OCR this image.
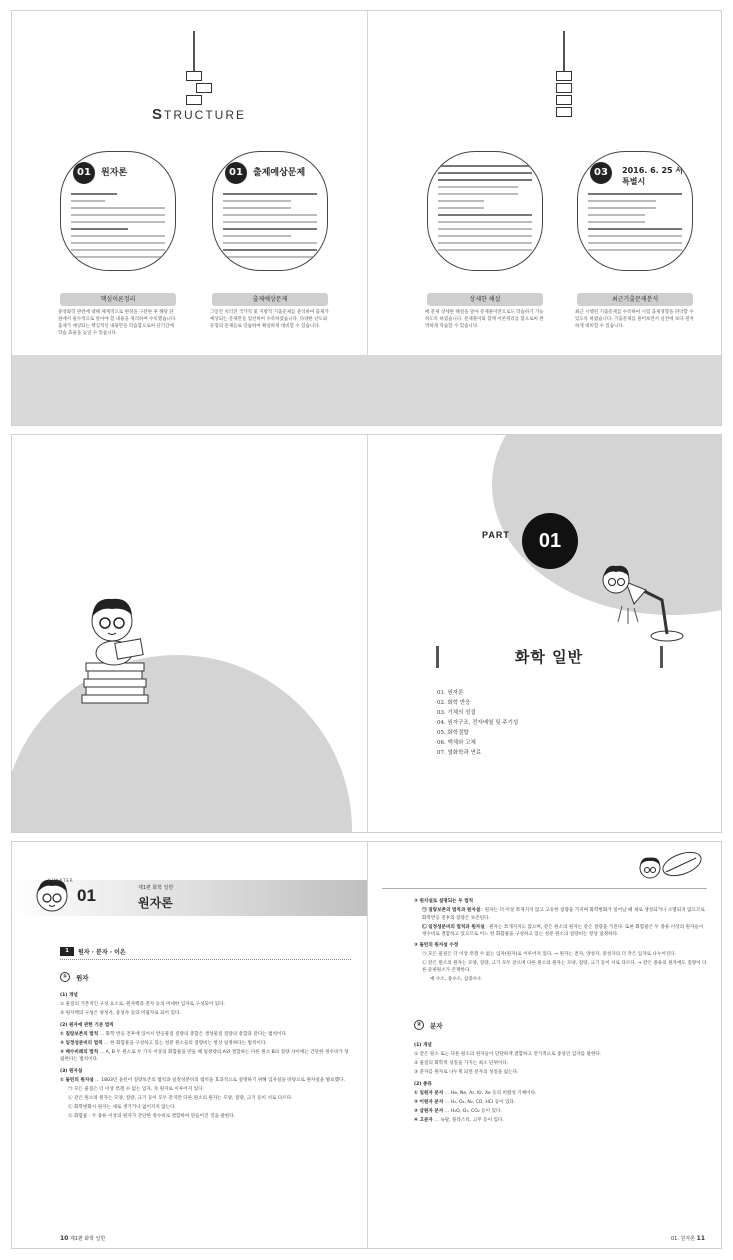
STRUCTURE
01	원자론	01	출제예상문제	03	2016. 6. 25 서울특별시
핵심이론정리	출제예상문제	상세한 해설	최근기출문제분석
중앙화학 관련에 대해 체계적으로 변경을 구분한 후 해당 단원에서 필수적으로 알아야 할 내용을 정리하여 수록했습니다. 출제가 예상되는 핵심적인 내용만을 학습함으로써 단기간에 학습 효율을 높일 수 있습니다.
그동안 치러진 국가직 및 지방직 기출문제를 분석하여 출제가 예상되는 문제만을 엄선하여 수록하였습니다. 다양한 난도와 유형의 문제들로 연습하여 확실하게 대비할 수 있습니다.
매 문제 상세한 해설을 달아 문제풀이만으로도 학습하기 가능하도록 하였습니다. 문제풀이와 함께 이론정리를 함으로써 완벽하게 학습할 수 있습니다.
최근 시행된 기출문제를 수록하여 시험 출제경향을 파악할 수 있도록 하였습니다. 기출문제를 풀어보면서 실전에 보다 철저하게 대비할 수 있습니다.
PART	01
화학 일반
01. 원자론
02. 화학 반응
03. 기체의 성질
04. 원자구조, 전자배열 및 주기성
05. 화학결합
06. 액체와 고체
07. 열화학과 연료
CHAPTER
01	제1편 화학 일반
원자론
1	원자 · 분자 · 이온
①	원자

(1) 개념

① 물질의 기본적인 구성 요소로, 원자핵과 전자 등의 미세한 입자로 구성되어 있다.

② 원자핵의 구성은 양성자, 중성자 등의 미립자로 되어 있다.

(2) 원자에 관한 기본 법칙

① 질량보존의 법칙 … 화학 반응 전후에 있어서 반응물질 질량의 총합은 생성물질 질량의 총합과 같다는 법칙이다.

② 일정성분비의 법칙 … 한 화합물을 구성하고 있는 성분 원소들의 질량비는 항상 일정하다는 법칙이다.

③ 배수비례의 법칙 … A, B 두 원소로 두 가지 이상의 화합물을 만들 때 일정량의 A와 결합하는 다른 원소 B의 질량 사이에는 간단한 정수비가 성립한다는 법칙이다.

(3) 원자설

① 돌턴의 원자설 … 1803년 돌턴이 질량보존의 법칙과 일정성분비의 법칙을 효과적으로 설명하기 위해 입자설을 바탕으로 원자설을 발표했다.

㉠ 모든 물질은 더 이상 쪼갤 수 없는 입자, 즉 원자로 이루어져 있다.

㉡ 같은 원소의 원자는 모양, 질량, 크기 등이 모두 같지만 다른 원소의 원자는 모양, 질량, 크기 등이 서로 다르다.

㉢ 화학변화시 원자는 새로 생기거나 없어지지 않는다.

㉣ 화합물 : 두 종류 이상의 원자가 간단한 정수비로 결합하여 만들어진 것을 말한다.

10 제1편 화학 일반

② 원자설로 설명되는 두 법칙

㉠ 질량보존의 법칙과 원자설 : 원자는 더 이상 쪼개지지 않고 고유한 질량을 가지며 화학변화가 일어날 때 새로 생성되거나 소멸되지 않으므로 화학반응 전후의 질량은 보존된다.

㉡ 일정성분비의 법칙과 원자설 : 원자는 쪼개지지도 않으며, 같은 원소의 원자는 같은 질량을 가진다. 또한 화합물은 두 종류 이상의 원자들이 정수비로 결합하고 있으므로 어느 한 화합물을 구성하고 있는 성분 원소의 질량비는 항상 일정하다.

③ 돌턴의 원자설 수정

㉠ 모든 물질은 더 이상 쪼갤 수 없는 입자(원자)로 이루어져 있다. → 원자는 전자, 양성자, 중성자의 더 작은 입자로 나누어진다.

㉡ 같은 원소의 원자는 모양, 질량, 크기 모두 같으며 다른 원소의 원자는 모양, 질량, 크기 등이 서로 다르다. → 같은 종류의 원자에도 질량이 다른 동위원소가 존재한다.

예 수소, 중수소, 삼중수소

②	분자

(1) 개념

① 같은 원소 또는 다른 원소의 원자들이 단단하게 결합하고 전기적으로 중성인 입자를 말한다.

② 물질의 화학적 성질을 가지는 최소 단위이다.

③ 분자를 원자로 나누게 되면 분자의 성질을 잃는다.

(2) 종류

① 일원자 분자 … He, Ne, Ar, Kr, Xe 등의 비활성 기체이다.

② 이원자 분자 … H₂, O₂, N₂, CO, HCl 등이 있다.

③ 삼원자 분자 … H₂O, O₃, CO₂ 등이 있다.

④ 고분자 … 녹말, 플라스틱, 고무 등이 있다.

01. 원자론 11
